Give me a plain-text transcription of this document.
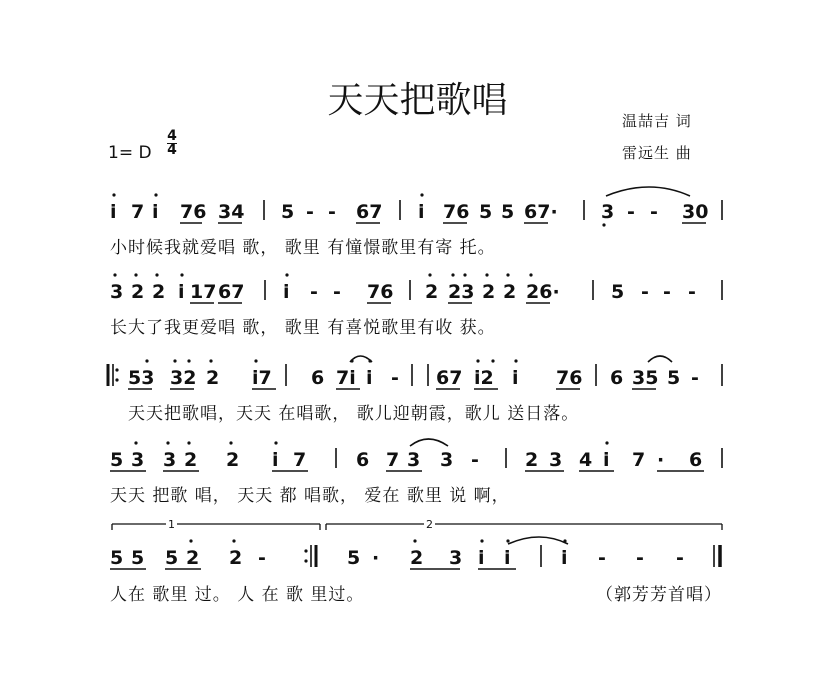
天天把歌唱	温喆吉 词
雷远生 曲
1= D
4
4
i 7 i 76 34 5 - - 67 i 76 5 5 67· 3 - - 30
3 2 2 i 17 67 i - - 76 2 23 2 2 26·	5 - - -
53 32 2 i7 6 7i i - 67 i2 i 76 6 35 5 -
5 3 3 2 2 i 7	6 7 3 3 - 2 3 4 i 7 · 6
5 5 5 2 2 -	5 · 2 3 i i	i - - -
1	2
小时候我就爱唱 歌， 歌里 有憧憬歌里有寄 托。
长大了我更爱唱 歌， 歌里 有喜悦歌里有收 获。
天天把歌唱，天天 在唱歌， 歌儿迎朝霞，歌儿 送日落。
天天 把歌 唱， 天天 都 唱歌， 爱在 歌里 说 啊，
人在 歌里 过。 人 在 歌 里过。	（郭芳芳首唱）
